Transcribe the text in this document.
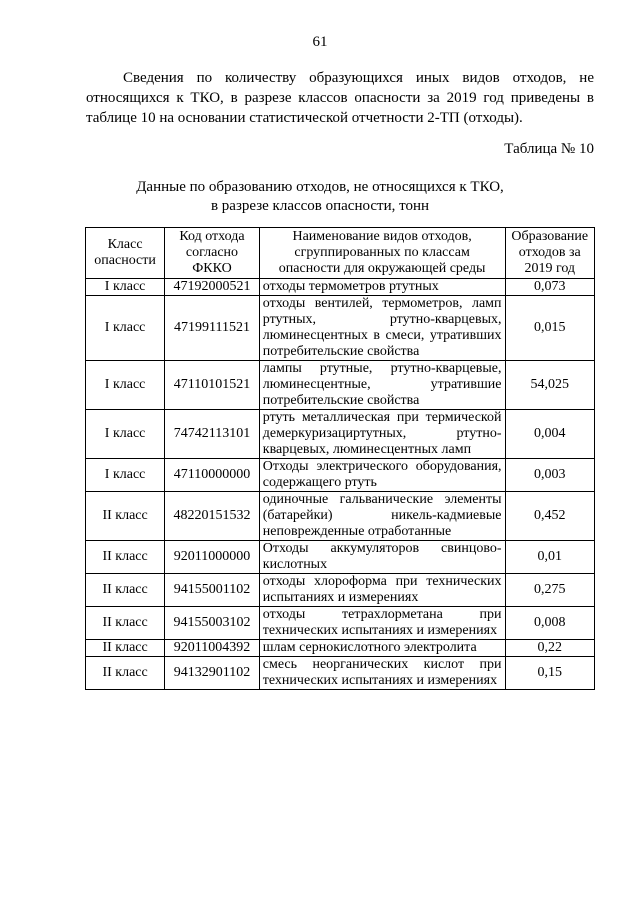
61
Сведения по количеству образующихся иных видов отходов, не относящихся к ТКО, в разрезе классов опасности за 2019 год приведены в таблице 10 на основании статистической отчетности 2-ТП (отходы).
Таблица № 10
Данные по образованию отходов, не относящихся к ТКО,
в разрезе классов опасности, тонн
Класс опасности	Код отхода согласно ФККО	Наименование видов отходов, сгруппированных по классам опасности для окружающей среды	Образование отходов за 2019 год
I класс	47192000521	отходы термометров ртутных	0,073
I класс	47199111521	отходы вентилей, термометров, ламп ртутных, ртутно-кварцевых, люминесцентных в смеси, утративших потребительские свойства	0,015
I класс	47110101521	лампы ртутные, ртутно-кварцевые, люминесцентные, утратившие потребительские свойства	54,025
I класс	74742113101	ртуть металлическая при термической демеркуризациртутных, ртутно-кварцевых, люминесцентных ламп	0,004
I класс	47110000000	Отходы электрического оборудования, содержащего ртуть	0,003
II класс	48220151532	одиночные гальванические элементы (батарейки) никель-кадмиевые неповрежденные отработанные	0,452
II класс	92011000000	Отходы аккумуляторов свинцово-кислотных	0,01
II класс	94155001102	отходы хлороформа при технических испытаниях и измерениях	0,275
II класс	94155003102	отходы тетрахлорметана при технических испытаниях и измерениях	0,008
II класс	92011004392	шлам сернокислотного электролита	0,22
II класс	94132901102	смесь неорганических кислот при технических испытаниях и измерениях	0,15
